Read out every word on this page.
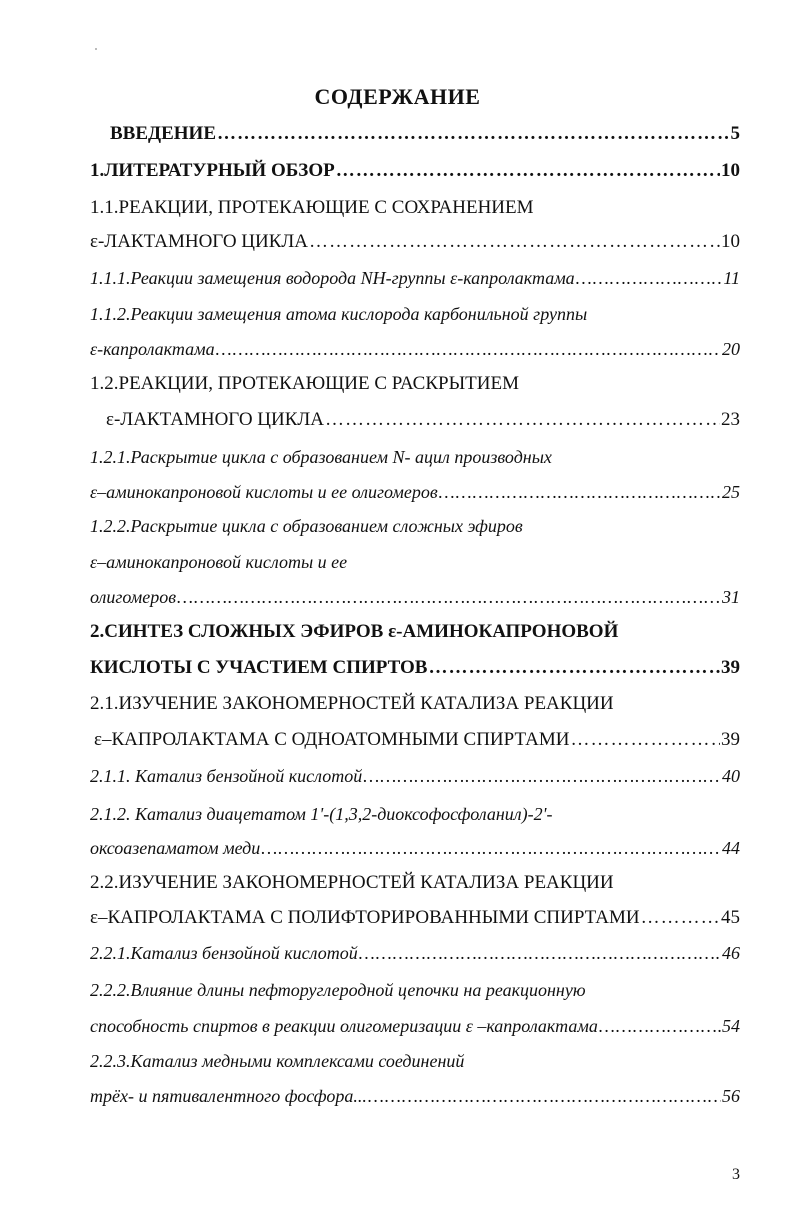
СОДЕРЖАНИЕ
ВВЕДЕНИЕ ………………………………………………………………………………………………………………………………………………………………………………………	5
1.ЛИТЕРАТУРНЫЙ ОБЗОР ………………………………………………………………………………………………………………………………………………………………………………………	10
1.1.РЕАКЦИИ, ПРОТЕКАЮЩИЕ С СОХРАНЕНИЕМ
ε-ЛАКТАМНОГО ЦИКЛА ………………………………………………………………………………………………………………………………………………………………………………………	10
1.1.1.Реакции замещения водорода NH-группы ε-капролактама ………………………………………………………………………………………………………………………………………………………………………………………	11
1.1.2.Реакции замещения атома кислорода карбонильной группы
ε-капролактама ………………………………………………………………………………………………………………………………………………………………………………………	20
1.2.РЕАКЦИИ, ПРОТЕКАЮЩИЕ С РАСКРЫТИЕМ
ε-ЛАКТАМНОГО ЦИКЛА ………………………………………………………………………………………………………………………………………………………………………………………	23
1.2.1.Раскрытие цикла с образованием N- ацил производных
ε–аминокапроновой кислоты и ее олигомеров ………………………………………………………………………………………………………………………………………………………………………………………	25
1.2.2.Раскрытие цикла с образованием сложных эфиров
ε–аминокапроновой кислоты и ее
олигомеров ………………………………………………………………………………………………………………………………………………………………………………………	31
2.СИНТЕЗ СЛОЖНЫХ ЭФИРОВ ε-АМИНОКАПРОНОВОЙ
КИСЛОТЫ С УЧАСТИЕМ СПИРТОВ ………………………………………………………………………………………………………………………………………………………………………………………	39
2.1.ИЗУЧЕНИЕ ЗАКОНОМЕРНОСТЕЙ КАТАЛИЗА РЕАКЦИИ
ε–КАПРОЛАКТАМА С ОДНОАТОМНЫМИ СПИРТАМИ ………………………………………………………………………………………………………………………………………………………………………………………	39
2.1.1. Катализ бензойной кислотой ………………………………………………………………………………………………………………………………………………………………………………………	40
2.1.2. Катализ диацетатом 1'-(1,3,2-диоксофосфоланил)-2'-
оксоазепаматом меди ………………………………………………………………………………………………………………………………………………………………………………………	44
2.2.ИЗУЧЕНИЕ ЗАКОНОМЕРНОСТЕЙ КАТАЛИЗА РЕАКЦИИ
ε–КАПРОЛАКТАМА С ПОЛИФТОРИРОВАННЫМИ СПИРТАМИ ………………………………………………………………………………………………………………………………………………………………………………………	45
2.2.1.Катализ бензойной кислотой ………………………………………………………………………………………………………………………………………………………………………………………	46
2.2.2.Влияние длины пефторуглеродной цепочки на реакционную
способность спиртов в реакции олигомеризации ε –капролактама ………………………………………………………………………………………………………………………………………………………………………………………	54
2.2.3.Катализ медными комплексами соединений
трёх- и пятивалентного фосфора... ………………………………………………………………………………………………………………………………………………………………………………………	56
3
